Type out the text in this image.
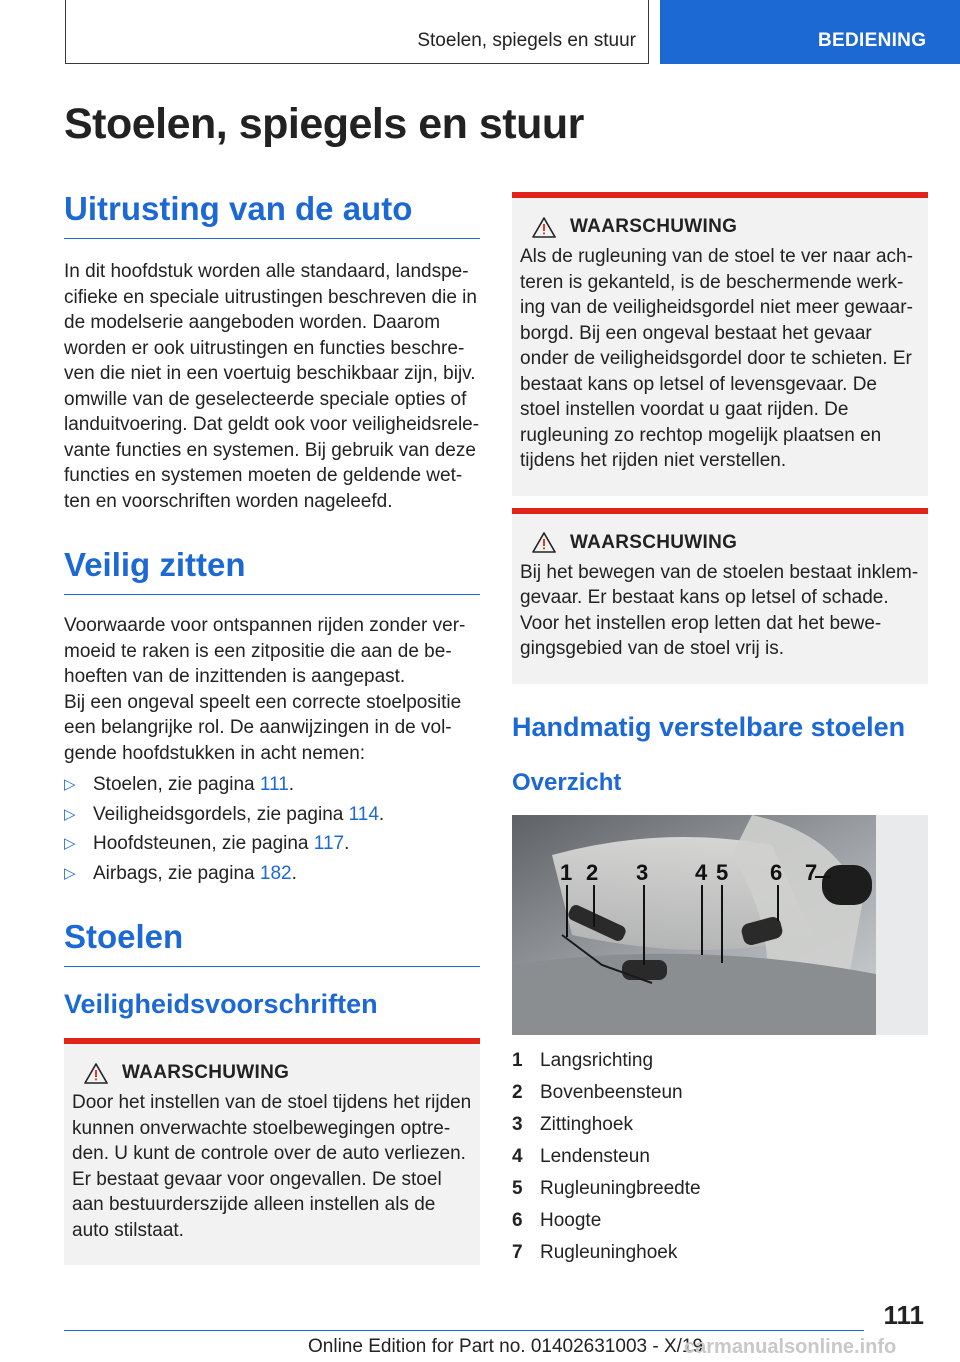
Stoelen, spiegels en stuur	BEDIENING
Stoelen, spiegels en stuur
Uitrusting van de auto

In dit hoofdstuk worden alle standaard, landspecifieke en speciale uitrustingen beschreven die in de modelserie aangeboden worden. Daarom worden er ook uitrustingen en functies beschreven die niet in een voertuig beschikbaar zijn, bijv. omwille van de geselecteerde speciale opties of landuitvoering. Dat geldt ook voor veiligheidsrelevante functies en systemen. Bij gebruik van deze functies en systemen moeten de geldende wetten en voorschriften worden nageleefd.

Veilig zitten

Voorwaarde voor ontspannen rijden zonder vermoeid te raken is een zitpositie die aan de behoeften van de inzittenden is aangepast.

Bij een ongeval speelt een correcte stoelpositie een belangrijke rol. De aanwijzingen in de volgende hoofdstukken in acht nemen:

▷ Stoelen, zie pagina 111.
▷ Veiligheidsgordels, zie pagina 114.
▷ Hoofdsteunen, zie pagina 117.
▷ Airbags, zie pagina 182.
Stoelen
Veiligheidsvoorschriften
WAARSCHUWING

Door het instellen van de stoel tijdens het rijden kunnen onverwachte stoelbewegingen optreden. U kunt de controle over de auto verliezen. Er bestaat gevaar voor ongevallen. De stoel aan bestuurderszijde alleen instellen als de auto stilstaat.

WAARSCHUWING

Als de rugleuning van de stoel te ver naar achteren is gekanteld, is de beschermende werking van de veiligheidsgordel niet meer gewaarborgd. Bij een ongeval bestaat het gevaar onder de veiligheidsgordel door te schieten. Er bestaat kans op letsel of levensgevaar. De stoel instellen voordat u gaat rijden. De rugleuning zo rechtop mogelijk plaatsen en tijdens het rijden niet verstellen.

WAARSCHUWING

Bij het bewegen van de stoelen bestaat inklemgevaar. Er bestaat kans op letsel of schade. Voor het instellen erop letten dat het bewegingsgebied van de stoel vrij is.

Handmatig verstelbare stoelen
Overzicht
1 Langsrichting
2 Bovenbeensteun
3 Zittinghoek
4 Lendensteun
5 Rugleuningbreedte
6 Hoogte
7 Rugleuninghoek
1 2 3 4 5 6 7
111
Online Edition for Part no. 01402631003 - X/19
carmanualsonline.info
